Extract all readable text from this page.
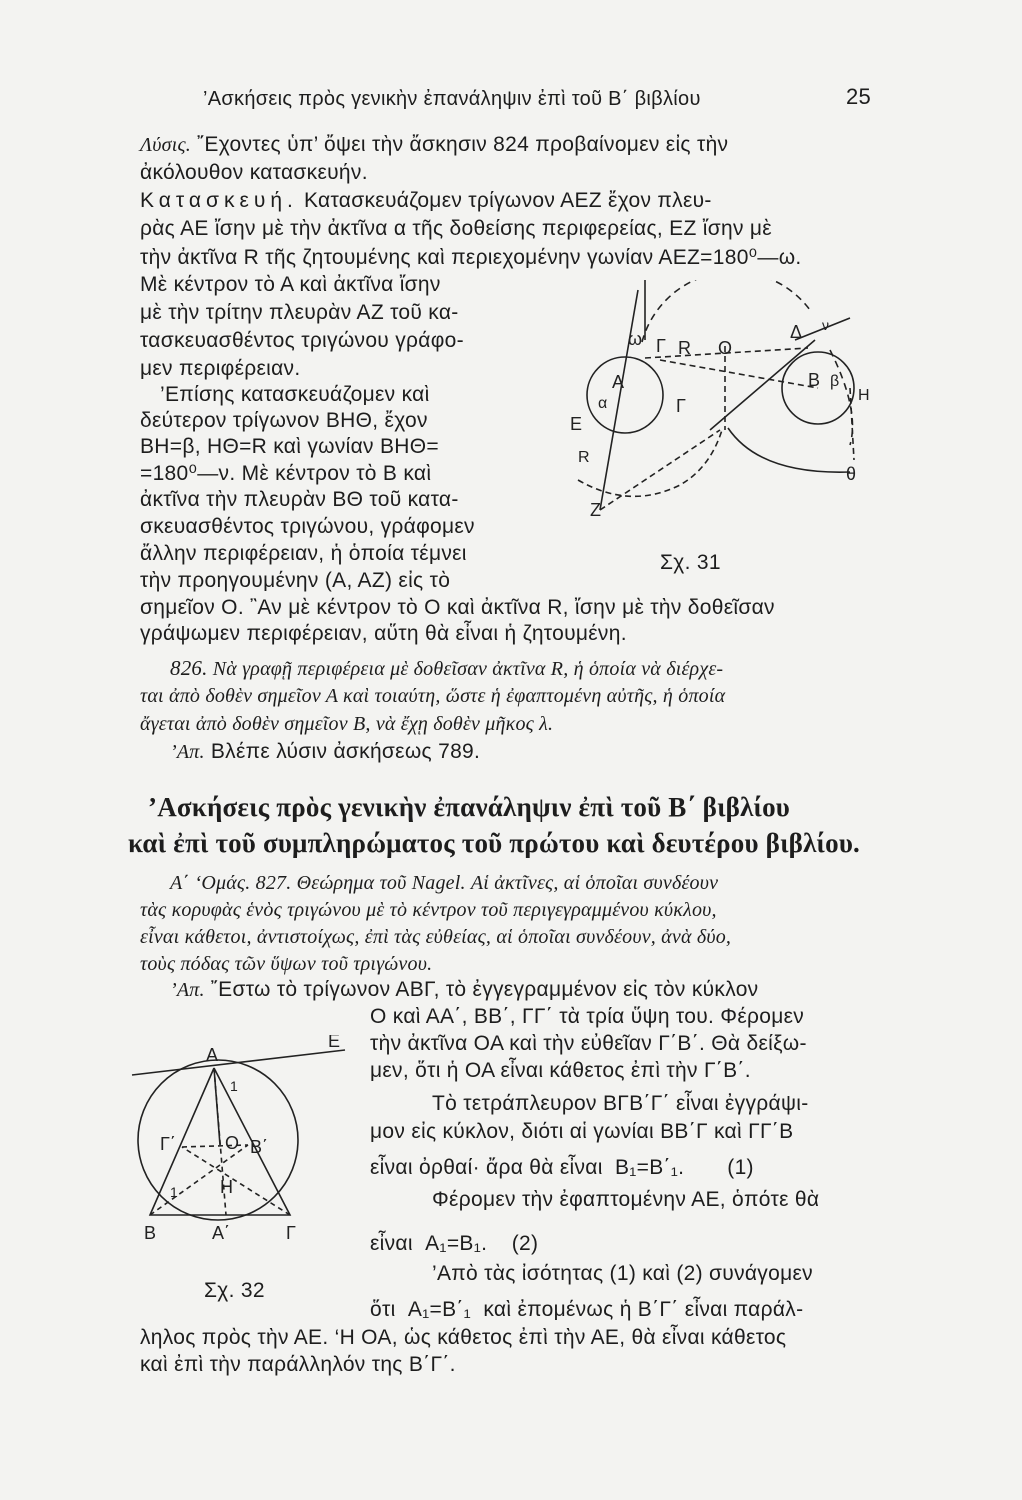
’Ασκήσεις πρὸς γενικὴν ἐπανάληψιν ἐπὶ τοῦ Β΄ βιβλίου	25
Λύσις. ῎Εχοντες ὑπ’ ὄψει τὴν ἄσκησιν 824 προβαίνομεν εἰς τὴν
ἀκόλουθον κατασκευήν.
Κατασκευή. Κατασκευάζομεν τρίγωνον ΑΕΖ ἔχον πλευ-
ρὰς ΑΕ ἴσην μὲ τὴν ἀκτῖνα α τῆς δοθείσης περιφερείας, ΕΖ ἴσην μὲ
τὴν ἀκτῖνα R τῆς ζητουμένης καὶ περιεχομένην γωνίαν ΑΕΖ=180⁰—ω.
Μὲ κέντρον τὸ Α καὶ ἀκτῖνα ἴσην
μὲ τὴν τρίτην πλευρὰν ΑΖ τοῦ κα-
τασκευασθέντος τριγώνου γράφο-
μεν περιφέρειαν.
’Επίσης κατασκευάζομεν καὶ
δεύτερον τρίγωνον ΒΗΘ, ἔχον
ΒΗ=β, ΗΘ=R καὶ γωνίαν ΒΗΘ=
=180⁰—ν. Μὲ κέντρον τὸ Β καὶ
ἀκτῖνα τὴν πλευρὰν ΒΘ τοῦ κατα-
σκευασθέντος τριγώνου, γράφομεν
ἄλλην περιφέρειαν, ἡ ὁποία τέμνει
τὴν προηγουμένην (Α, ΑΖ) εἰς τὸ
σημεῖον Ο. ῍Αν μὲ κέντρον τὸ Ο καὶ ἀκτῖνα R, ἴσην μὲ τὴν δοθεῖσαν
γράψωμεν περιφέρειαν, αὕτη θὰ εἶναι ἡ ζητουμένη.
ω Γ R O
Δ ν
Α
α	Γ
Β β
Η
Ε
R
θ
Ζ
Σχ. 31
826. Νὰ γραφῇ περιφέρεια μὲ δοθεῖσαν ἀκτῖνα R, ἡ ὁποία νὰ διέρχε-
ται ἀπὸ δοθὲν σημεῖον Α καὶ τοιαύτη, ὥστε ἡ ἐφαπτομένη αὐτῆς, ἡ ὁποία
ἄγεται ἀπὸ δοθὲν σημεῖον Β, νὰ ἔχῃ δοθὲν μῆκος λ.
’Απ. Βλέπε λύσιν ἀσκήσεως 789.
’Ασκήσεις πρὸς γενικὴν ἐπανάληψιν ἐπὶ τοῦ Β΄ βιβλίου
καὶ ἐπὶ τοῦ συμπληρώματος τοῦ πρώτου καὶ δευτέρου βιβλίου.
Α΄ ‘Ομάς. 827. Θεώρημα τοῦ Nagel. Αἱ ἀκτῖνες, αἱ ὁποῖαι συνδέουν
τὰς κορυφὰς ἑνὸς τριγώνου μὲ τὸ κέντρον τοῦ περιγεγραμμένου κύκλου,
εἶναι κάθετοι, ἀντιστοίχως, ἐπὶ τὰς εὐθείας, αἱ ὁποῖαι συνδέουν, ἀνὰ δύο,
τοὺς πόδας τῶν ὕψων τοῦ τριγώνου.
’Απ. ῎Εστω τὸ τρίγωνον ΑΒΓ, τὸ ἐγγεγραμμένον εἰς τὸν κύκλον
Ο καὶ ΑΑ΄, ΒΒ΄, ΓΓ΄ τὰ τρία ὕψη του. Φέρομεν
τὴν ἀκτῖνα ΟΑ καὶ τὴν εὐθεῖαν Γ΄Β΄. Θὰ δείξω-
μεν, ὅτι ἡ ΟΑ εἶναι κάθετος ἐπὶ τὴν Γ΄Β΄.
Τὸ τετράπλευρον ΒΓΒ΄Γ΄ εἶναι ἐγγράψι-
μον εἰς κύκλον, διότι αἱ γωνίαι ΒΒ΄Γ καὶ ΓΓ΄Β
εἶναι ὀρθαί· ἄρα θὰ εἶναι B₁=B΄₁. (1)
Φέρομεν τὴν ἐφαπτομένην ΑΕ, ὁπότε θὰ
εἶναι A₁=B₁. (2)
’Απὸ τὰς ἰσότητας (1) καὶ (2) συνάγομεν
ὅτι A₁=B΄₁ καὶ ἐπομένως ἡ Β΄Γ΄ εἶναι παράλ-
ληλος πρὸς τὴν ΑΕ. ‘Η ΟΑ, ὡς κάθετος ἐπὶ τὴν ΑΕ, θὰ εἶναι κάθετος
καὶ ἐπὶ τὴν παράλληλόν της Β΄Γ΄.
Α
Ε
1
Ο Β΄
Γ΄
Η
1
Β	Α΄	Γ
Σχ. 32
